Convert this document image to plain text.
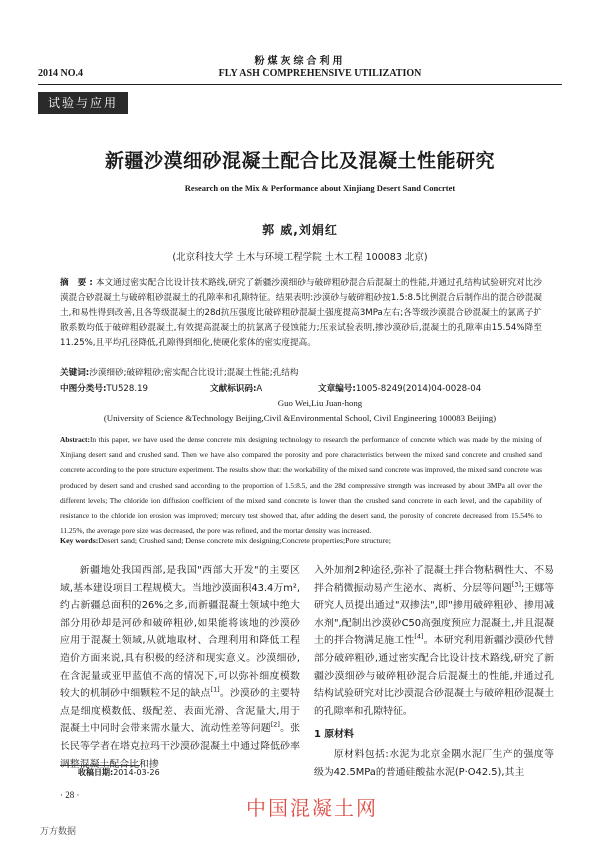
粉煤灰综合利用
2014 NO.4	FLY ASH COMPREHENSIVE UTILIZATION
试验与应用
新疆沙漠细砂混凝土配合比及混凝土性能研究
Research on the Mix & Performance about Xinjiang Desert Sand Concrtet
郭 威,刘娟红
(北京科技大学 土木与环境工程学院 土木工程 100083 北京)
摘 要:本文通过密实配合比设计技术路线,研究了新疆沙漠细砂与破碎粗砂混合后混凝土的性能,并通过孔结构试验研究对比沙漠混合砂混凝土与破碎粗砂混凝土的孔隙率和孔隙特征。结果表明:沙漠砂与破碎粗砂按1.5:8.5比例混合后制作出的混合砂混凝土,和易性得到改善,且各等级混凝土的28d抗压强度比破碎粗砂混凝土强度提高3MPa左右;各等级沙漠混合砂混凝土的氯离子扩散系数均低于破碎粗砂混凝土,有效提高混凝土的抗氯离子侵蚀能力;压汞试验表明,掺沙漠砂后,混凝土的孔隙率由15.54%降至11.25%,且平均孔径降低,孔隙得到细化,使硬化浆体的密实度提高。
关键词:沙漠细砂;破碎粗砂;密实配合比设计;混凝土性能;孔结构
中图分类号:TU528.19	文献标识码:A	文章编号:1005-8249(2014)04-0028-04
Guo Wei,Liu Juan-hong
(University of Science &Technology Beijing,Civil &Environmental School, Civil Engineering 100083 Beijing)
Abstract:In this paper, we have used the dense concrete mix designing technology to research the performance of concrete which was made by the mixing of Xinjiang desert sand and crushed sand. Then we have also compared the porosity and pore characteristics between the mixed sand concrete and crushed sand concrete according to the pore structure experiment. The results show that: the workability of the mixed sand concrete was improved, the mixed sand concrete was produced by desert sand and crushed sand according to the proportion of 1.5:8.5, and the 28d compressive strength was increased by about 3MPa all over the different levels; The chloride ion diffusion coefficient of the mixed sand concrete is lower than the crushed sand concrete in each level, and the capability of resistance to the chloride ion erosion was improved; mercury test showed that, after adding the desert sand, the porosity of concrete decreased from 15.54% to 11.25%, the average pore size was decreased, the pore was refined, and the mortar density was increased.
Key words:Desert sand; Crushed sand; Dense concrete mix designing;Concrete properties;Pore structure;
新疆地处我国西部,是我国"西部大开发"的主要区域,基本建设项目工程规模大。当地沙漠面积43.4万m²,约占新疆总面积的26%之多,而新疆混凝土领域中绝大部分用砂却是河砂和破碎粗砂,如果能将该地的沙漠砂应用于混凝土领域,从就地取材、合理利用和降低工程造价方面来说,具有积极的经济和现实意义。沙漠细砂,在含泥量或亚甲蓝值不高的情况下,可以弥补细度模数较大的机制砂中细颗粒不足的缺点[1]。沙漠砂的主要特点是细度模数低、级配差、表面光滑、含泥量大,用于混凝土中同时会带来需水量大、流动性差等问题[2]。张长民等学者在塔克拉玛干沙漠砂混凝土中通过降低砂率调整混凝土配合比和掺
入外加剂2种途径,弥补了混凝土拌合物粘稠性大、不易拌合稍微振动易产生泌水、离析、分层等问题[3];王娜等研究人员提出通过"双掺法",即"掺用破碎粗砂、掺用减水剂",配制出沙漠砂C50高强度预应力混凝土,并且混凝土的拌合物满足施工性[4]。本研究利用新疆沙漠砂代替部分破碎粗砂,通过密实配合比设计技术路线,研究了新疆沙漠细砂与破碎粗砂混合后混凝土的性能,并通过孔结构试验研究对比沙漠混合砂混凝土与破碎粗砂混凝土的孔隙率和孔隙特征。
1 原材料
原材料包括:水泥为北京金隅水泥厂生产的强度等级为42.5MPa的普通硅酸盐水泥(P·O42.5),其主
收稿日期:2014-03-26
· 28 ·
中国混凝土网
万方数据
